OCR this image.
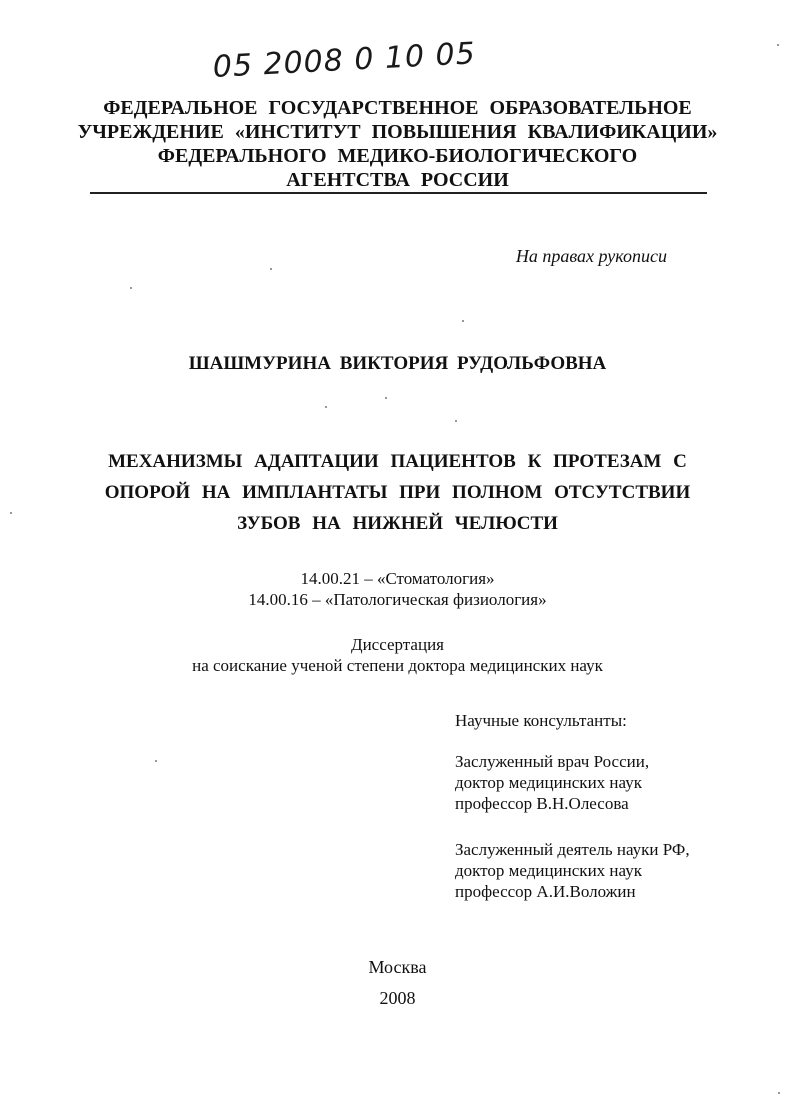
05 2008 0 10 05
ФЕДЕРАЛЬНОЕ ГОСУДАРСТВЕННОЕ ОБРАЗОВАТЕЛЬНОЕ
УЧРЕЖДЕНИЕ «ИНСТИТУТ ПОВЫШЕНИЯ КВАЛИФИКАЦИИ»
ФЕДЕРАЛЬНОГО МЕДИКО-БИОЛОГИЧЕСКОГО
АГЕНТСТВА РОССИИ
На правах рукописи
ШАШМУРИНА ВИКТОРИЯ РУДОЛЬФОВНА
МЕХАНИЗМЫ АДАПТАЦИИ ПАЦИЕНТОВ К ПРОТЕЗАМ С
ОПОРОЙ НА ИМПЛАНТАТЫ ПРИ ПОЛНОМ ОТСУТСТВИИ
ЗУБОВ НА НИЖНЕЙ ЧЕЛЮСТИ
14.00.21 – «Стоматология»
14.00.16 – «Патологическая физиология»
Диссертация
на соискание ученой степени доктора медицинских наук
Научные консультанты:
Заслуженный врач России,
доктор медицинских наук
профессор В.Н.Олесова
Заслуженный деятель науки РФ,
доктор медицинских наук
профессор А.И.Воложин
Москва
2008
